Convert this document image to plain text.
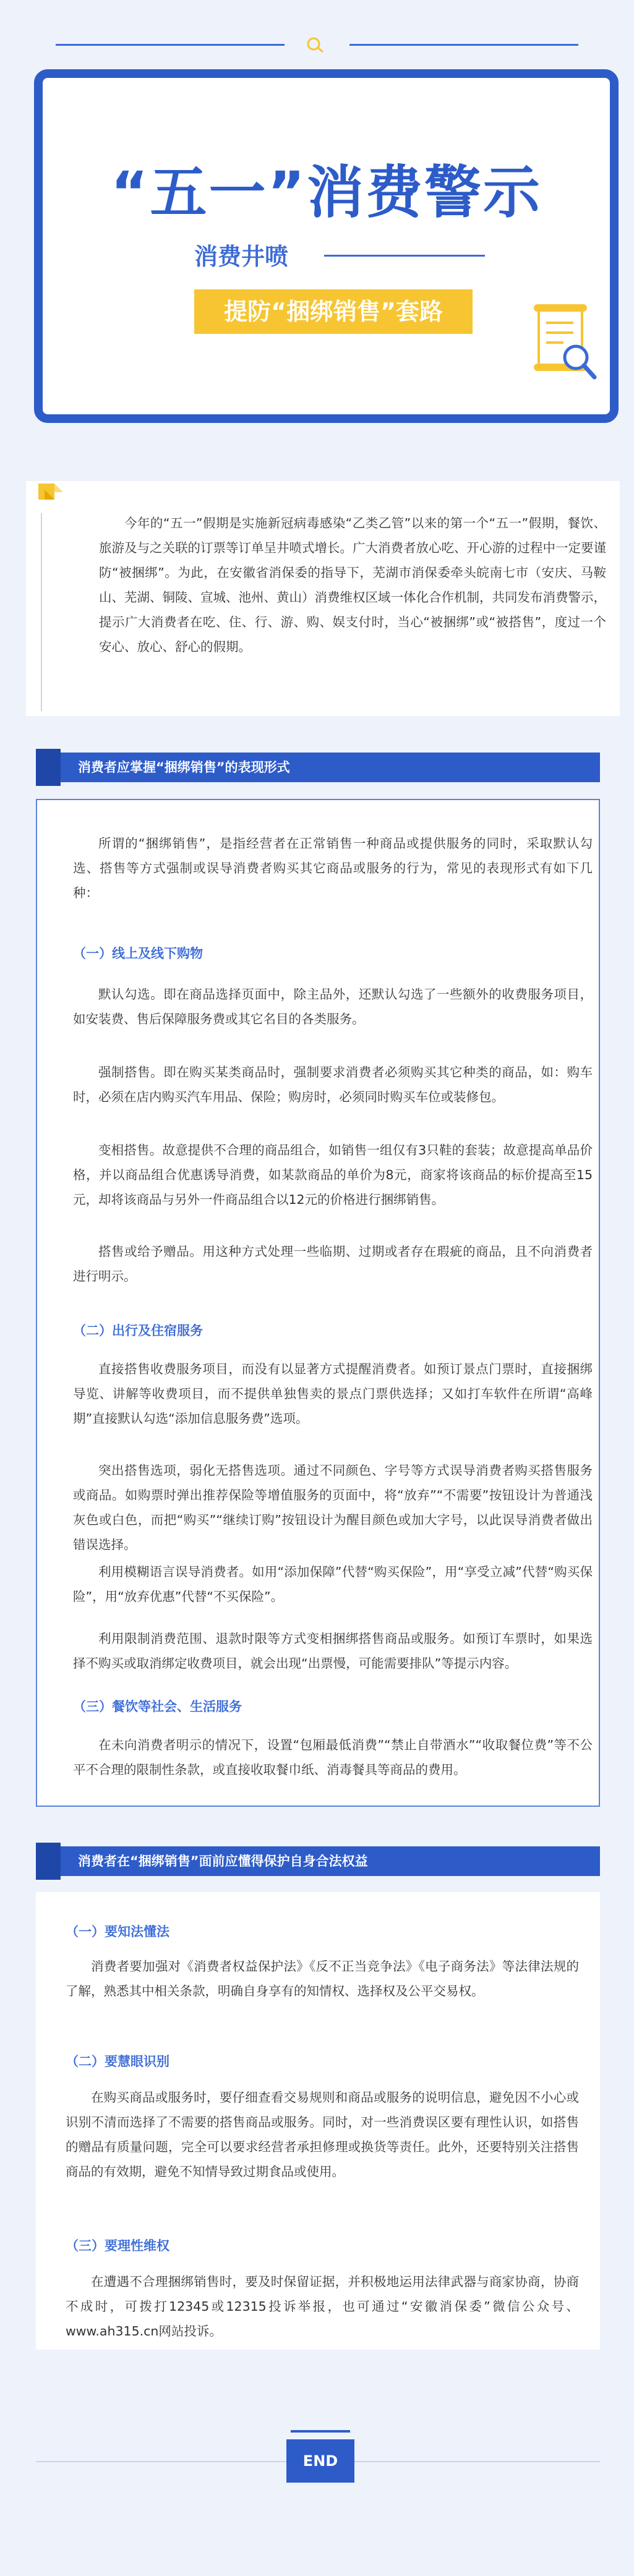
“五一”消费警示
消费井喷
提防“捆绑销售”套路
今年的“五一”假期是实施新冠病毒感染“乙类乙管”以来的第一个“五一”假期，餐饮、旅游及与之关联的订票等订单呈井喷式增长。广大消费者放心吃、开心游的过程中一定要谨防“被捆绑”。为此，在安徽省消保委的指导下，芜湖市消保委牵头皖南七市（安庆、马鞍山、芜湖、铜陵、宣城、池州、黄山）消费维权区域一体化合作机制，共同发布消费警示，提示广大消费者在吃、住、行、游、购、娱支付时，当心“被捆绑”或“被搭售”，度过一个安心、放心、舒心的假期。
消费者应掌握“捆绑销售”的表现形式
所谓的“捆绑销售”，是指经营者在正常销售一种商品或提供服务的同时，采取默认勾选、搭售等方式强制或误导消费者购买其它商品或服务的行为，常见的表现形式有如下几种：
（一）线上及线下购物
默认勾选。即在商品选择页面中，除主品外，还默认勾选了一些额外的收费服务项目，如安装费、售后保障服务费或其它名目的各类服务。
强制搭售。即在购买某类商品时，强制要求消费者必须购买其它种类的商品，如：购车时，必须在店内购买汽车用品、保险；购房时，必须同时购买车位或装修包。
变相搭售。故意提供不合理的商品组合，如销售一组仅有3只鞋的套装；故意提高单品价格，并以商品组合优惠诱导消费，如某款商品的单价为8元，商家将该商品的标价提高至15元，却将该商品与另外一件商品组合以12元的价格进行捆绑销售。
搭售或给予赠品。用这种方式处理一些临期、过期或者存在瑕疵的商品，且不向消费者进行明示。
（二）出行及住宿服务
直接搭售收费服务项目，而没有以显著方式提醒消费者。如预订景点门票时，直接捆绑导览、讲解等收费项目，而不提供单独售卖的景点门票供选择；又如打车软件在所谓“高峰期”直接默认勾选“添加信息服务费”选项。
突出搭售选项，弱化无搭售选项。通过不同颜色、字号等方式误导消费者购买搭售服务或商品。如购票时弹出推荐保险等增值服务的页面中，将“放弃”“不需要”按钮设计为普通浅灰色或白色，而把“购买”“继续订购”按钮设计为醒目颜色或加大字号，以此误导消费者做出错误选择。
利用模糊语言误导消费者。如用“添加保障”代替“购买保险”，用“享受立减”代替“购买保险”，用“放弃优惠”代替“不买保险”。
利用限制消费范围、退款时限等方式变相捆绑搭售商品或服务。如预订车票时，如果选择不购买或取消绑定收费项目，就会出现“出票慢，可能需要排队”等提示内容。
（三）餐饮等社会、生活服务
在未向消费者明示的情况下，设置“包厢最低消费”“禁止自带酒水”“收取餐位费”等不公平不合理的限制性条款，或直接收取餐巾纸、消毒餐具等商品的费用。
消费者在“捆绑销售”面前应懂得保护自身合法权益
（一）要知法懂法
消费者要加强对《消费者权益保护法》《反不正当竞争法》《电子商务法》等法律法规的了解，熟悉其中相关条款，明确自身享有的知情权、选择权及公平交易权。
（二）要慧眼识别
在购买商品或服务时，要仔细查看交易规则和商品或服务的说明信息，避免因不小心或识别不清而选择了不需要的搭售商品或服务。同时，对一些消费误区要有理性认识，如搭售的赠品有质量问题，完全可以要求经营者承担修理或换货等责任。此外，还要特别关注搭售商品的有效期，避免不知情导致过期食品或使用。
（三）要理性维权
在遭遇不合理捆绑销售时，要及时保留证据，并积极地运用法律武器与商家协商，协商不成时，可拨打12345或12315投诉举报，也可通过“安徽消保委”微信公众号、www.ah315.cn网站投诉。
END
